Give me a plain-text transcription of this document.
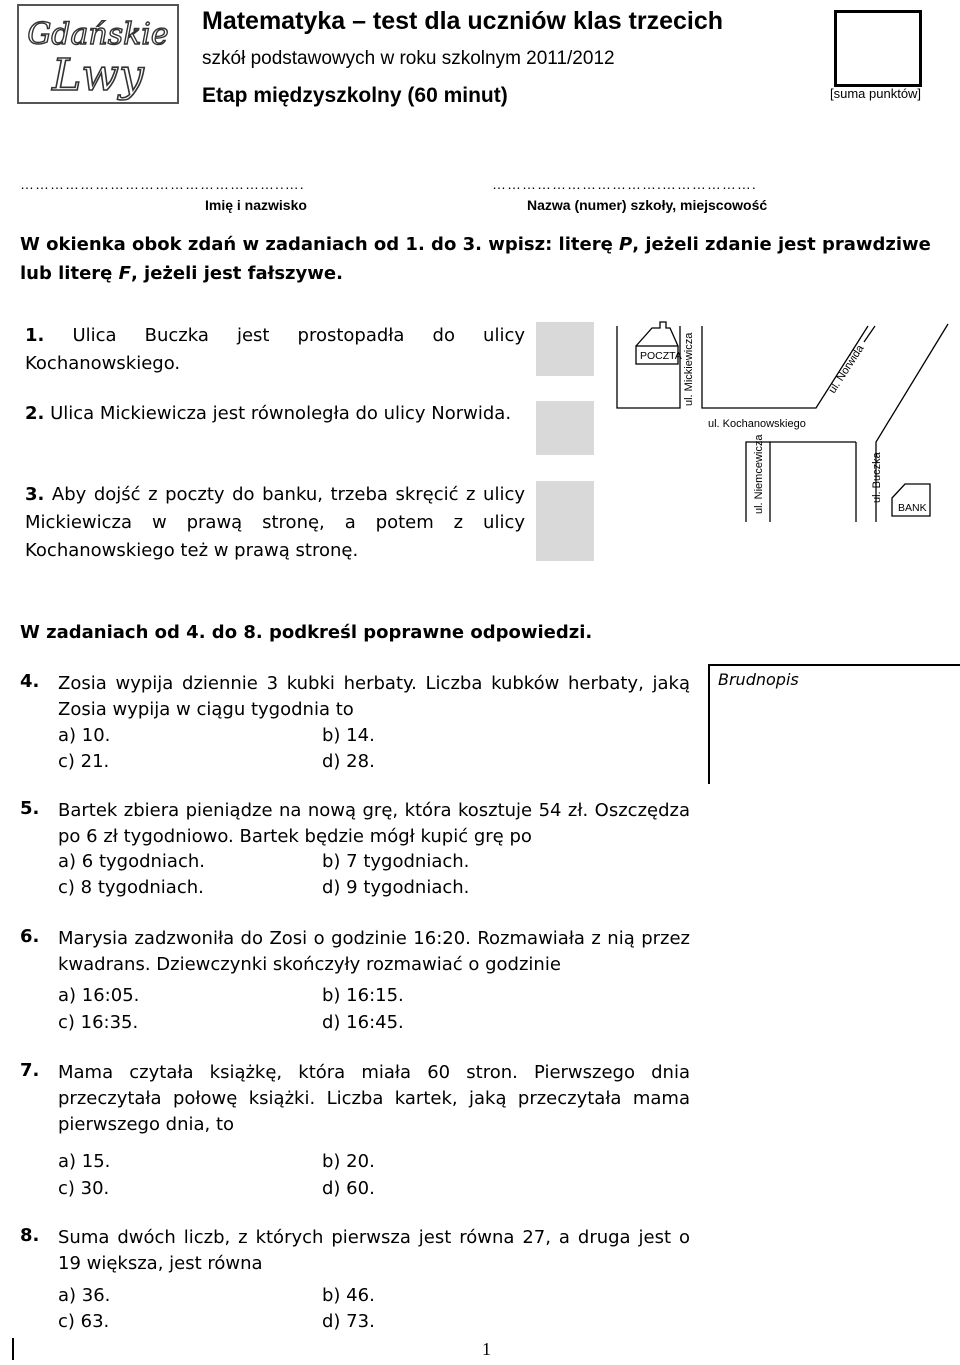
Gdańskie
Lwy
Matematyka – test dla uczniów klas trzecich
szkół podstawowych w roku szkolnym 2011/2012
Etap międzyszkolny (60 minut)	[suma punktów]
……………………………………………..….	…………………………….……………….
Imię i nazwisko	Nazwa (numer) szkoły, miejscowość
W okienka obok zdań w zadaniach od 1. do 3. wpisz: literę P, jeżeli zdanie jest prawdziwe lub literę F, jeżeli jest fałszywe.
1. Ulica Buczka jest prostopadła do ulicy Kochanowskiego.
2. Ulica Mickiewicza jest równoległa do ulicy Norwida.
3. Aby dojść z poczty do banku, trzeba skręcić z ulicy Mickiewicza w prawą stronę, a potem z ulicy Kochanowskiego też w prawą stronę.
POCZTA ul. Mickiewicza	ul. Norwida
ul. Kochanowskiego
ul. Niemcewicza	ul. Buczka
BANK
W zadaniach od 4. do 8. podkreśl poprawne odpowiedzi.
Brudnopis
4. Zosia wypija dziennie 3 kubki herbaty. Liczba kubków herbaty, jaką Zosia wypija w ciągu tygodnia to
a) 10.	b) 14.
c) 21.	d) 28.
5. Bartek zbiera pieniądze na nową grę, która kosztuje 54 zł. Oszczędza po 6 zł tygodniowo. Bartek będzie mógł kupić grę po
a) 6 tygodniach.	b) 7 tygodniach.
c) 8 tygodniach.	d) 9 tygodniach.
6. Marysia zadzwoniła do Zosi o godzinie 16:20. Rozmawiała z nią przez kwadrans. Dziewczynki skończyły rozmawiać o godzinie
a) 16:05.	b) 16:15.
c) 16:35.	d) 16:45.
7. Mama czytała książkę, która miała 60 stron. Pierwszego dnia przeczytała połowę książki. Liczba kartek, jaką przeczytała mama pierwszego dnia, to
a) 15.	b) 20.
c) 30.	d) 60.
8. Suma dwóch liczb, z których pierwsza jest równa 27, a druga jest o 19 większa, jest równa
a) 36.	b) 46.
c) 63.	d) 73.
1
